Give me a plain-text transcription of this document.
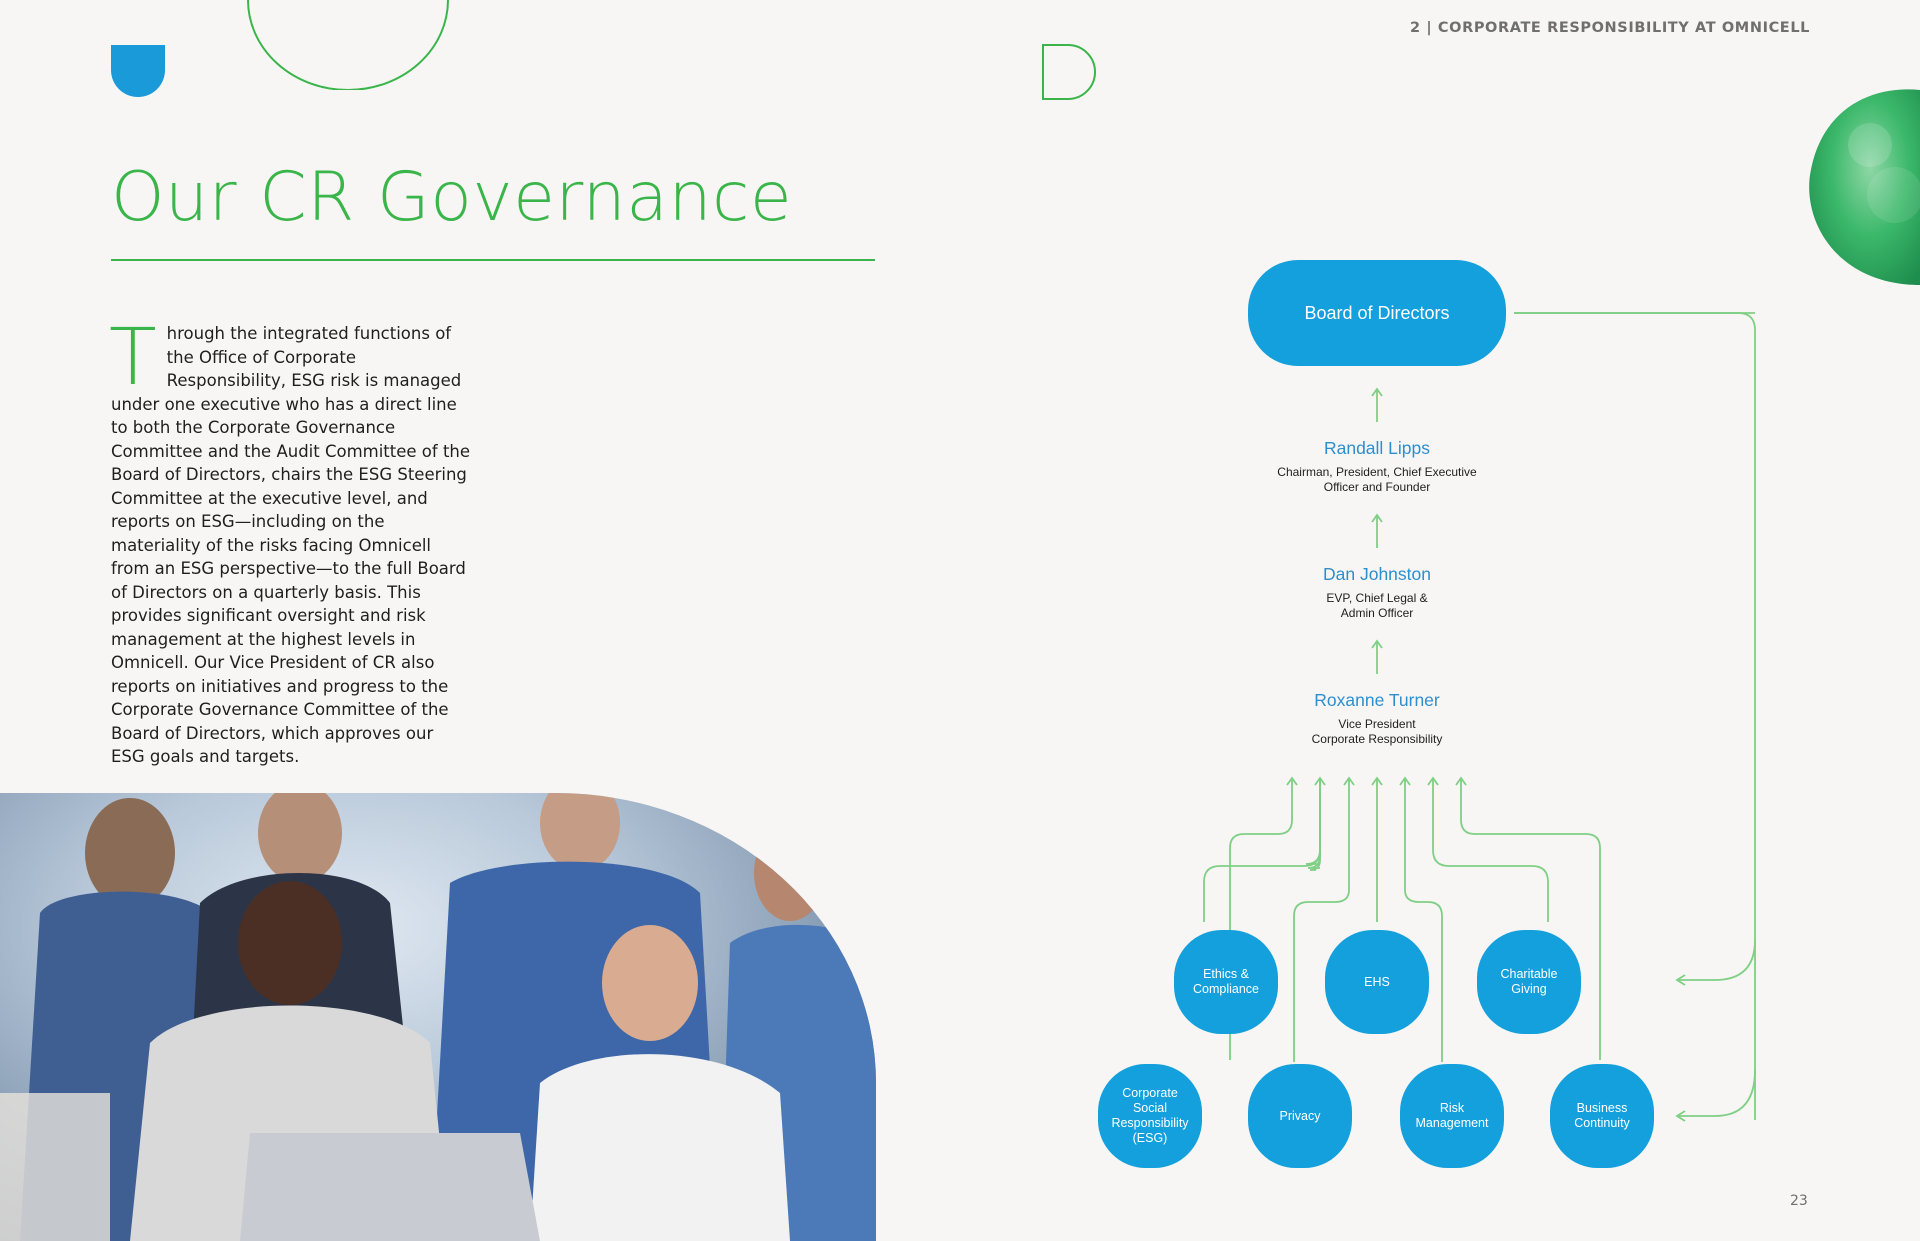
2 | CORPORATE RESPONSIBILITY AT OMNICELL
Our CR Governance
Through the integrated functions of the Office of Corporate Responsibility, ESG risk is managed under one executive who has a direct line to both the Corporate Governance Committee and the Audit Committee of the Board of Directors, chairs the ESG Steering Committee at the executive level, and reports on ESG—including on the materiality of the risks facing Omnicell from an ESG perspective—to the full Board of Directors on a quarterly basis. This provides significant oversight and risk management at the highest levels in Omnicell. Our Vice President of CR also reports on initiatives and progress to the Corporate Governance Committee of the Board of Directors, which approves our ESG goals and targets.
Board of Directors
Randall Lipps
Chairman, President, Chief Executive
Officer and Founder
Dan Johnston
EVP, Chief Legal &
Admin Officer
Roxanne Turner
Vice President
Corporate Responsibility
Ethics & Compliance
EHS
Charitable Giving
Corporate Social Responsibility (ESG)
Privacy
Risk Management
Business Continuity
23
